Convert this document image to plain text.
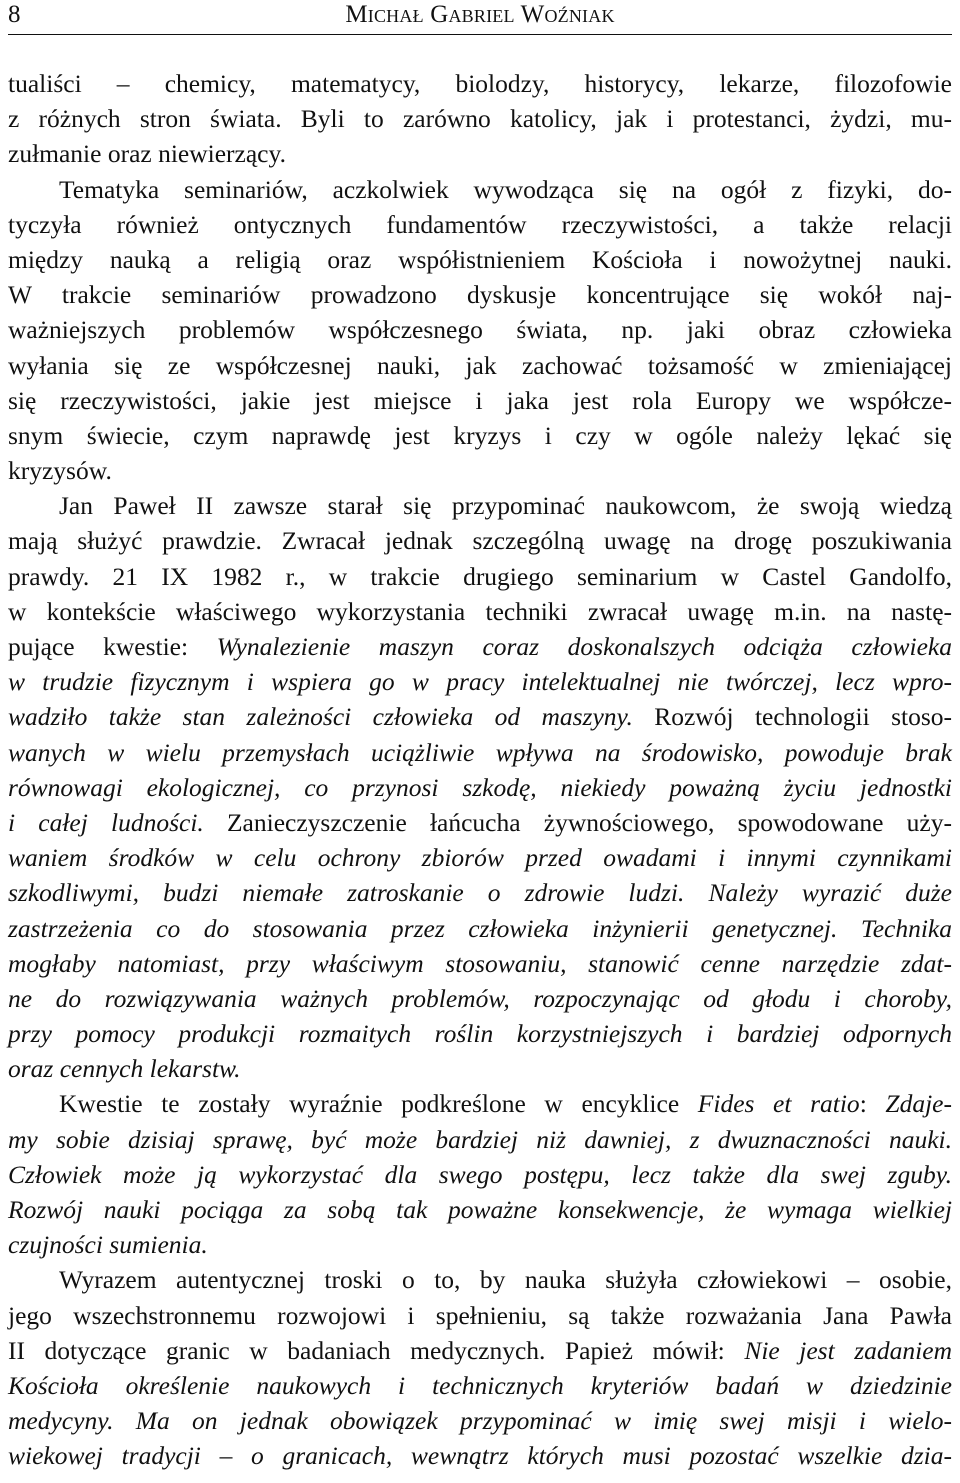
8	Michał Gabriel Woźniak
tualiści – chemicy, matematycy, biolodzy, historycy, lekarze, filozofowie
z różnych stron świata. Byli to zarówno katolicy, jak i protestanci, żydzi, mu-
zułmanie oraz niewierzący.
Tematyka seminariów, aczkolwiek wywodząca się na ogół z fizyki, do-
tyczyła również ontycznych fundamentów rzeczywistości, a także relacji
między nauką a religią oraz współistnieniem Kościoła i nowożytnej nauki.
W trakcie seminariów prowadzono dyskusje koncentrujące się wokół naj-
ważniejszych problemów współczesnego świata, np. jaki obraz człowieka
wyłania się ze współczesnej nauki, jak zachować tożsamość w zmieniającej
się rzeczywistości, jakie jest miejsce i jaka jest rola Europy we współcze-
snym świecie, czym naprawdę jest kryzys i czy w ogóle należy lękać się
kryzysów.
Jan Paweł II zawsze starał się przypominać naukowcom, że swoją wiedzą
mają służyć prawdzie. Zwracał jednak szczególną uwagę na drogę poszukiwania
prawdy. 21 IX 1982 r., w trakcie drugiego seminarium w Castel Gandolfo,
w kontekście właściwego wykorzystania techniki zwracał uwagę m.in. na nastę-
pujące kwestie: Wynalezienie maszyn coraz doskonalszych odciąża człowieka
w trudzie fizycznym i wspiera go w pracy intelektualnej nie twórczej, lecz wpro-
wadziło także stan zależności człowieka od maszyny. Rozwój technologii stoso-
wanych w wielu przemysłach uciążliwie wpływa na środowisko, powoduje brak
równowagi ekologicznej, co przynosi szkodę, niekiedy poważną życiu jednostki
i całej ludności. Zanieczyszczenie łańcucha żywnościowego, spowodowane uży-
waniem środków w celu ochrony zbiorów przed owadami i innymi czynnikami
szkodliwymi, budzi niemałe zatroskanie o zdrowie ludzi. Należy wyrazić duże
zastrzeżenia co do stosowania przez człowieka inżynierii genetycznej. Technika
mogłaby natomiast, przy właściwym stosowaniu, stanowić cenne narzędzie zdat-
ne do rozwiązywania ważnych problemów, rozpoczynając od głodu i choroby,
przy pomocy produkcji rozmaitych roślin korzystniejszych i bardziej odpornych
oraz cennych lekarstw.
Kwestie te zostały wyraźnie podkreślone w encyklice Fides et ratio: Zdaje-
my sobie dzisiaj sprawę, być może bardziej niż dawniej, z dwuznaczności nauki.
Człowiek może ją wykorzystać dla swego postępu, lecz także dla swej zguby.
Rozwój nauki pociąga za sobą tak poważne konsekwencje, że wymaga wielkiej
czujności sumienia.
Wyrazem autentycznej troski o to, by nauka służyła człowiekowi – osobie,
jego wszechstronnemu rozwojowi i spełnieniu, są także rozważania Jana Pawła
II dotyczące granic w badaniach medycznych. Papież mówił: Nie jest zadaniem
Kościoła określenie naukowych i technicznych kryteriów badań w dziedzinie
medycyny. Ma on jednak obowiązek przypominać w imię swej misji i wielo-
wiekowej tradycji – o granicach, wewnątrz których musi pozostać wszelkie dzia-
